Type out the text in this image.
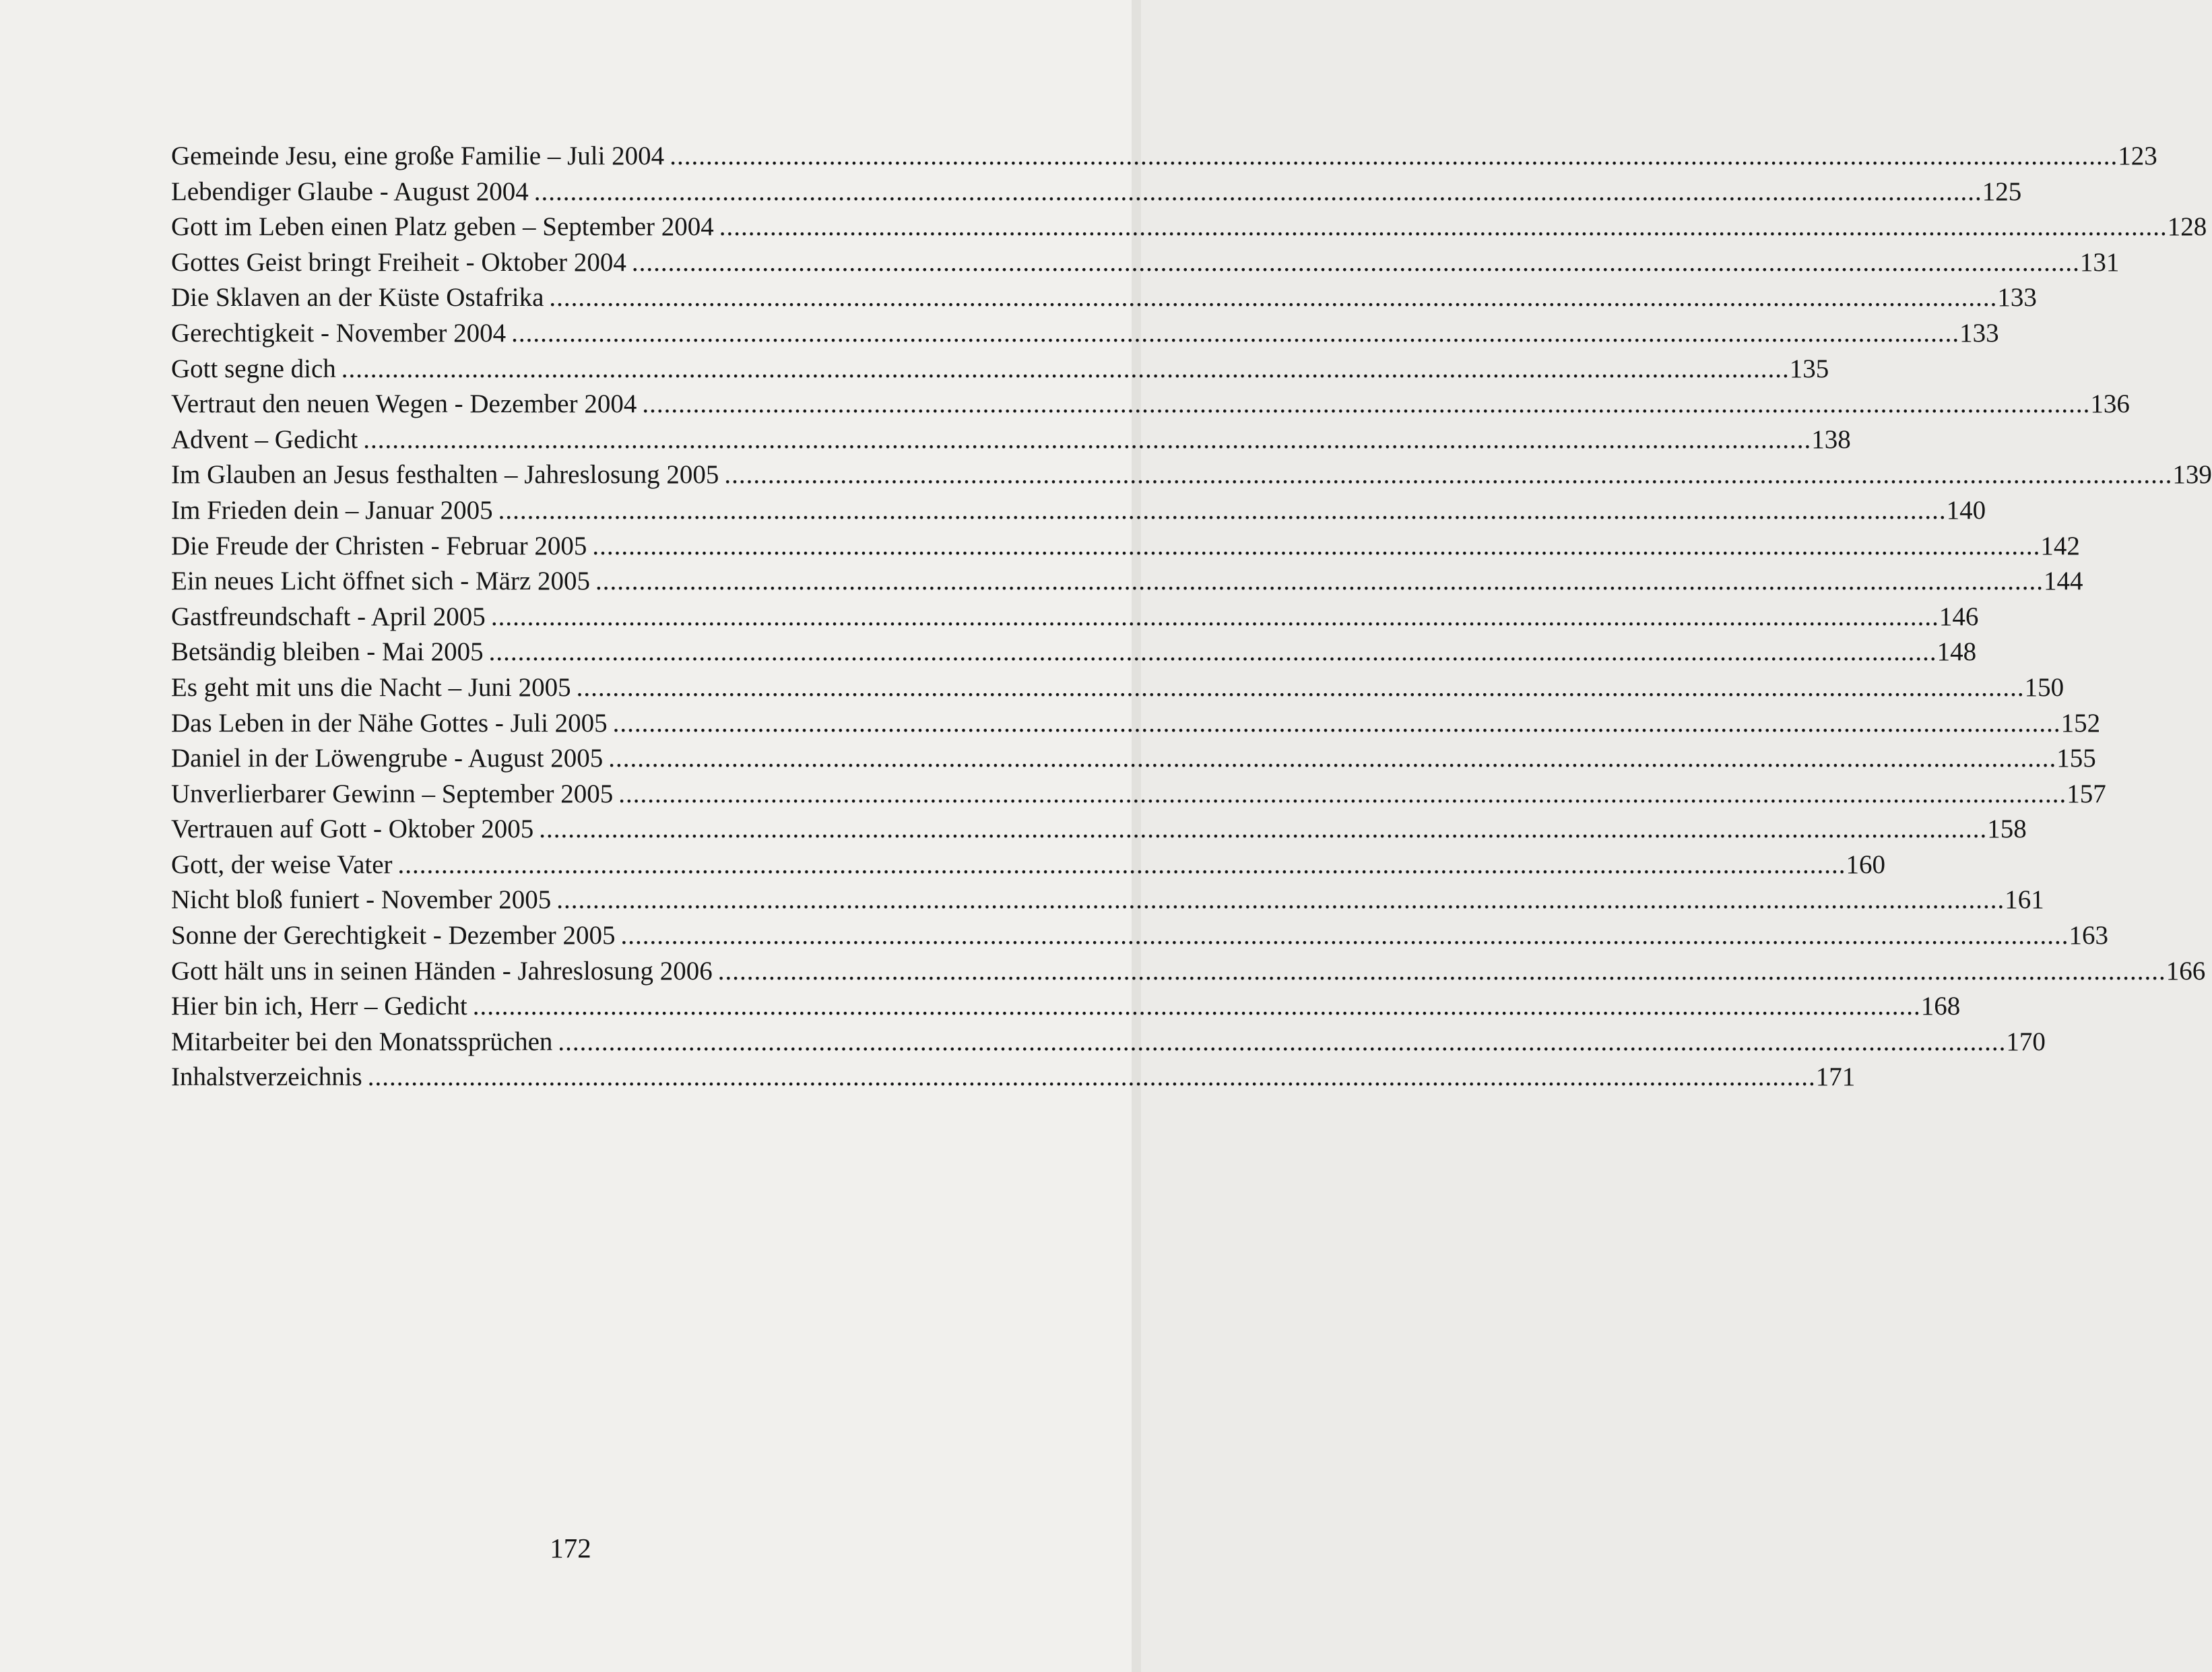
Gemeinde Jesu, eine große Familie – Juli 2004 ........................................................................................................................................................................................................ 123
Lebendiger Glaube - August 2004 ........................................................................................................................................................................................................ 125
Gott im Leben einen Platz geben – September 2004 ........................................................................................................................................................................................................ 128
Gottes Geist bringt Freiheit - Oktober 2004 ........................................................................................................................................................................................................ 131
Die Sklaven an der Küste Ostafrika ........................................................................................................................................................................................................ 133
Gerechtigkeit - November 2004 ........................................................................................................................................................................................................ 133
Gott segne dich ........................................................................................................................................................................................................ 135
Vertraut den neuen Wegen - Dezember 2004 ........................................................................................................................................................................................................ 136
Advent – Gedicht ........................................................................................................................................................................................................ 138
Im Glauben an Jesus festhalten – Jahreslosung 2005 ........................................................................................................................................................................................................ 139
Im Frieden dein – Januar 2005 ........................................................................................................................................................................................................ 140
Die Freude der Christen - Februar 2005 ........................................................................................................................................................................................................ 142
Ein neues Licht öffnet sich - März 2005 ........................................................................................................................................................................................................ 144
Gastfreundschaft - April 2005 ........................................................................................................................................................................................................ 146
Betsändig bleiben - Mai 2005 ........................................................................................................................................................................................................ 148
Es geht mit uns die Nacht – Juni 2005 ........................................................................................................................................................................................................ 150
Das Leben in der Nähe Gottes - Juli 2005 ........................................................................................................................................................................................................ 152
Daniel in der Löwengrube - August 2005 ........................................................................................................................................................................................................ 155
Unverlierbarer Gewinn – September 2005 ........................................................................................................................................................................................................ 157
Vertrauen auf Gott - Oktober 2005 ........................................................................................................................................................................................................ 158
Gott, der weise Vater ........................................................................................................................................................................................................ 160
Nicht bloß funiert - November 2005 ........................................................................................................................................................................................................ 161
Sonne der Gerechtigkeit - Dezember 2005 ........................................................................................................................................................................................................ 163
Gott hält uns in seinen Händen - Jahreslosung 2006 ........................................................................................................................................................................................................ 166
Hier bin ich, Herr – Gedicht ........................................................................................................................................................................................................ 168
Mitarbeiter bei den Monatssprüchen ........................................................................................................................................................................................................ 170
Inhalstverzeichnis ........................................................................................................................................................................................................ 171
172
